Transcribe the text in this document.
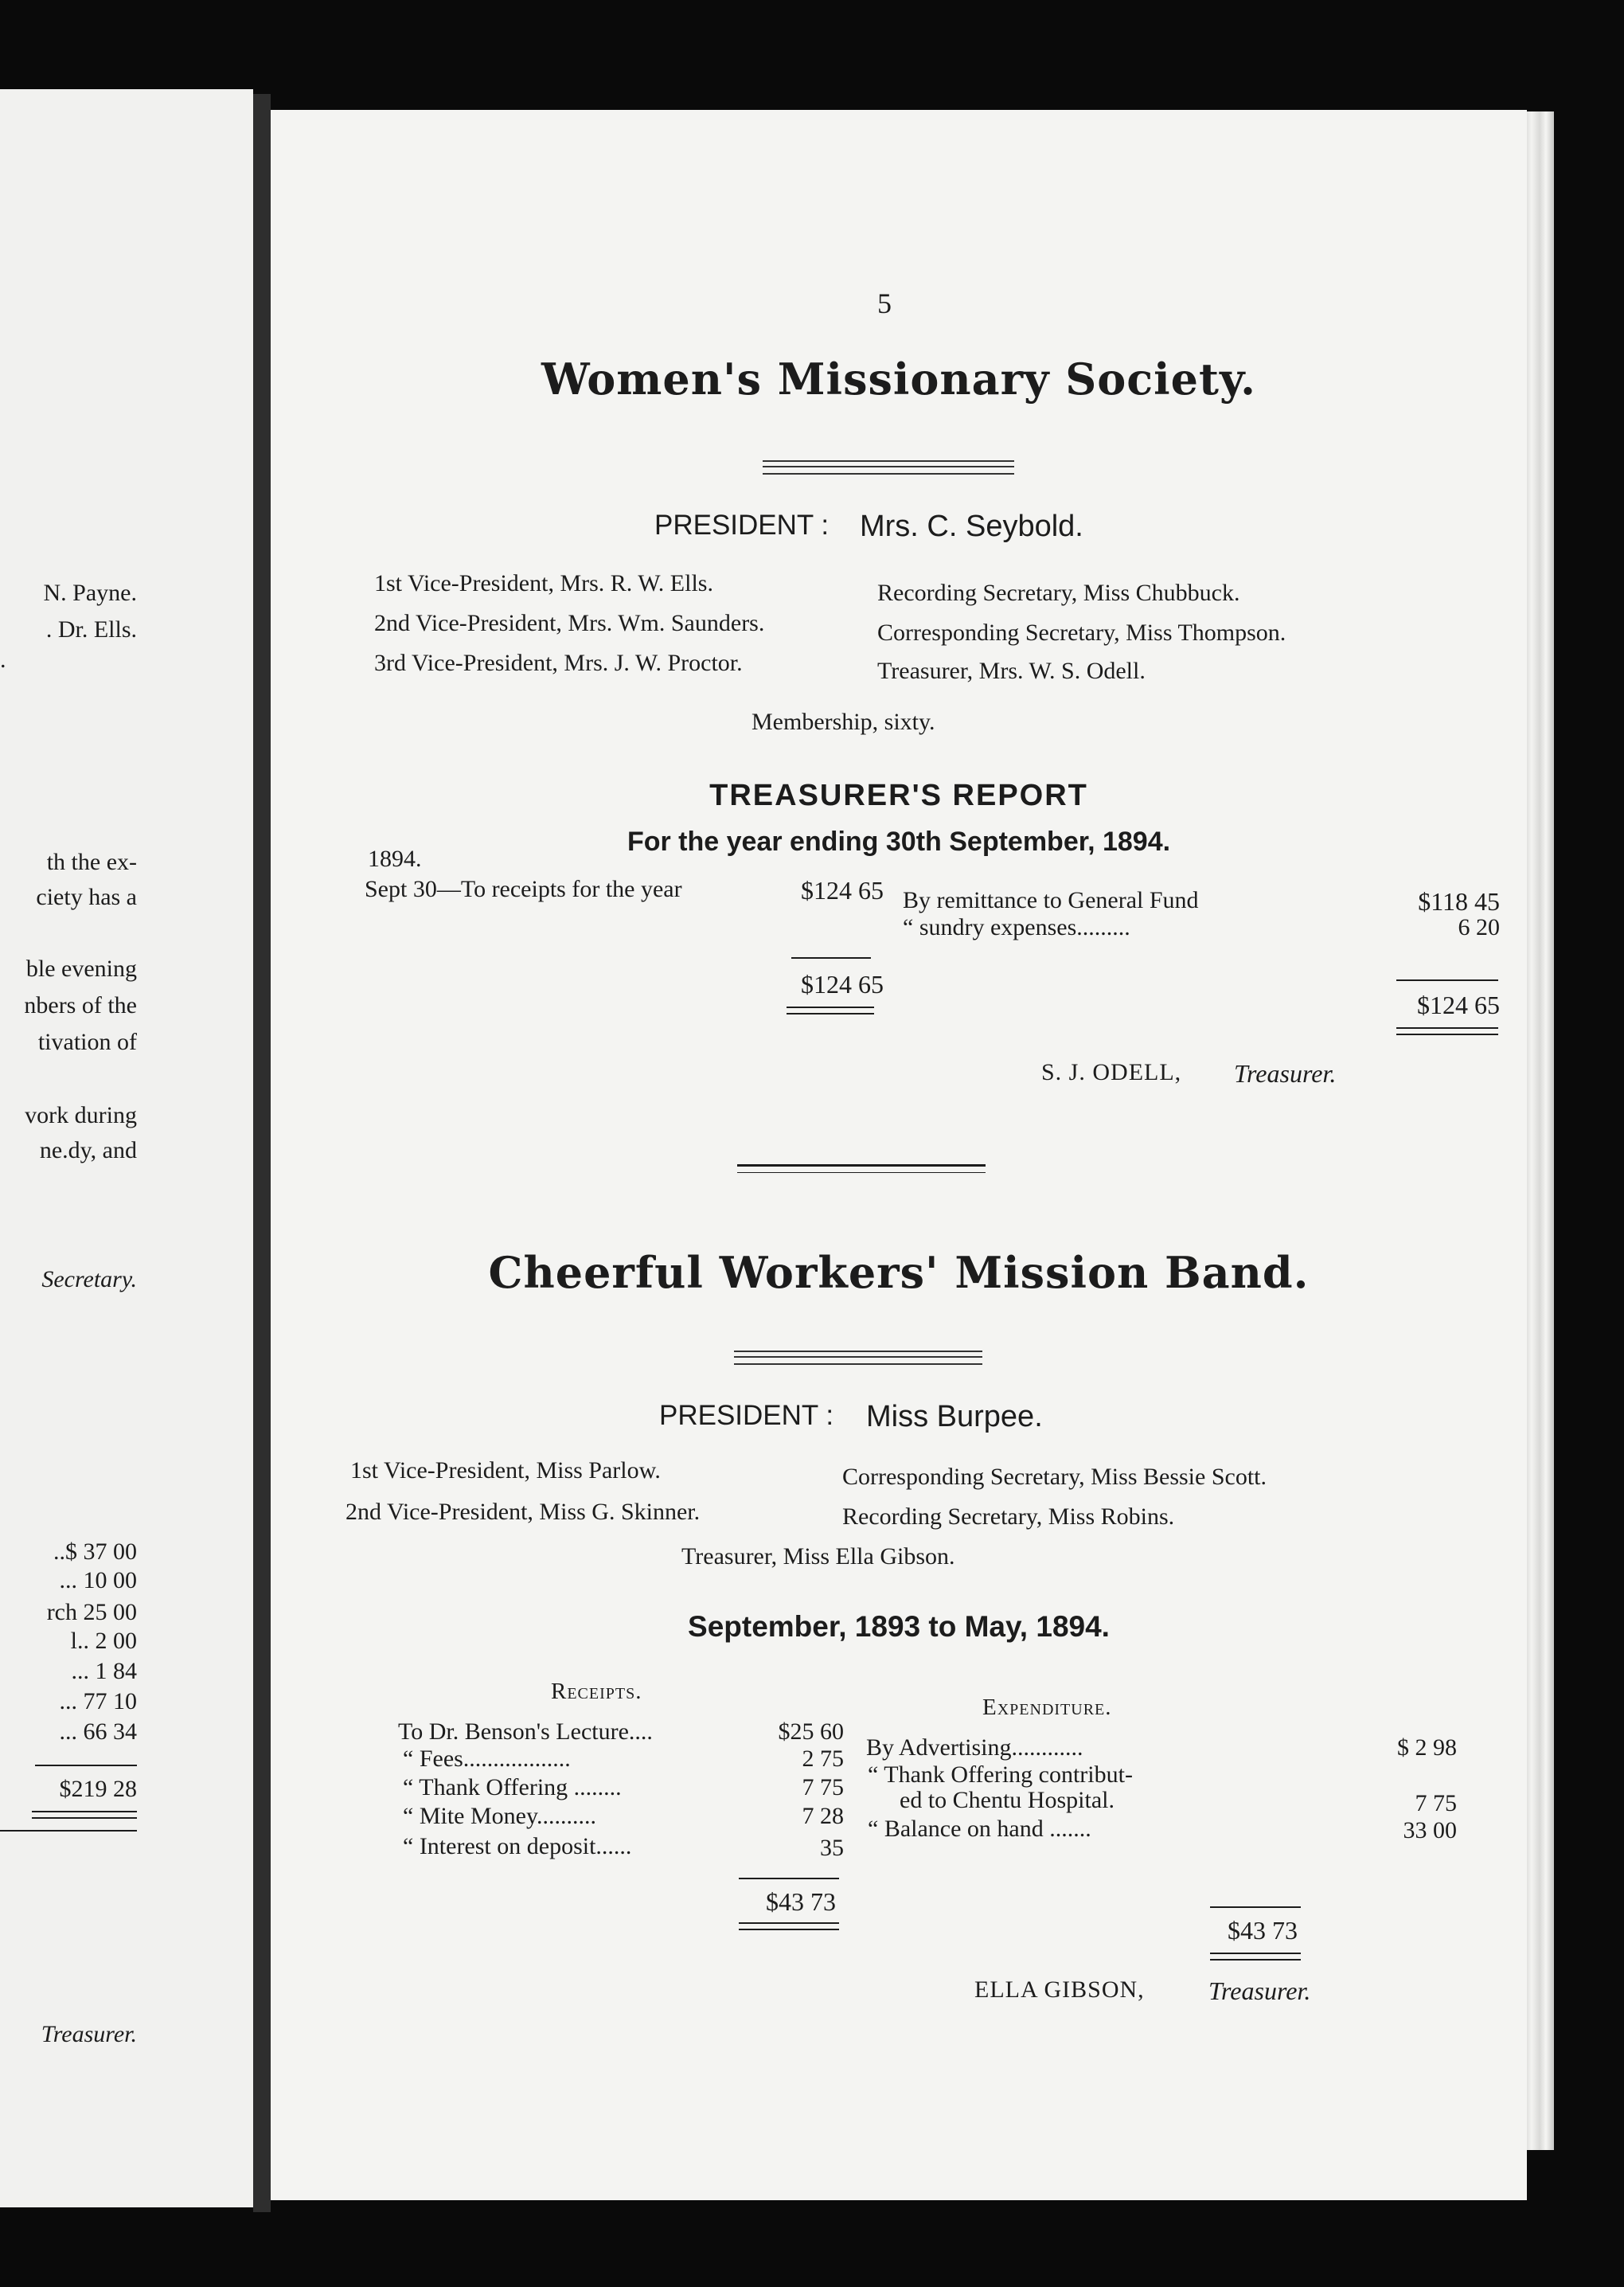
N. Payne.
. Dr. Ells.
.
th the ex-
ciety has a
ble evening
nbers of the
tivation of
vork during
ne.dy, and
Secretary.
..$ 37 00
... 10 00
rch 25 00
l.. 2 00
... 1 84
... 77 10
... 66 34
$219 28
Treasurer.
5
Women's Missionary Society.
PRESIDENT : Mrs. C. Seybold.
1st Vice-President, Mrs. R. W. Ells.
2nd Vice-President, Mrs. Wm. Saunders.
3rd Vice-President, Mrs. J. W. Proctor.
Recording Secretary, Miss Chubbuck.
Corresponding Secretary, Miss Thompson.
Treasurer, Mrs. W. S. Odell.
Membership, sixty.
TREASURER'S REPORT
For the year ending 30th September, 1894.
1894.
Sept 30—To receipts for the year	$124 65
$124 65
By remittance to General Fund	$118 45
“ sundry expenses.........	6 20
$124 65
S. J. ODELL, Treasurer.
Cheerful Workers' Mission Band.
PRESIDENT : Miss Burpee.
1st Vice-President, Miss Parlow.
2nd Vice-President, Miss G. Skinner.
Corresponding Secretary, Miss Bessie Scott.
Recording Secretary, Miss Robins.
Treasurer, Miss Ella Gibson.
September, 1893 to May, 1894.
Receipts.
Expenditure.
To Dr. Benson's Lecture....	$25 60
“ Fees..................	2 75
“ Thank Offering ........	7 75
“ Mite Money..........	7 28
“ Interest on deposit......	35
$43 73
By Advertising............	$ 2 98
“ Thank Offering contribut-
ed to Chentu Hospital.	7 75
“ Balance on hand .......	33 00
$43 73
ELLA GIBSON,	Treasurer.
